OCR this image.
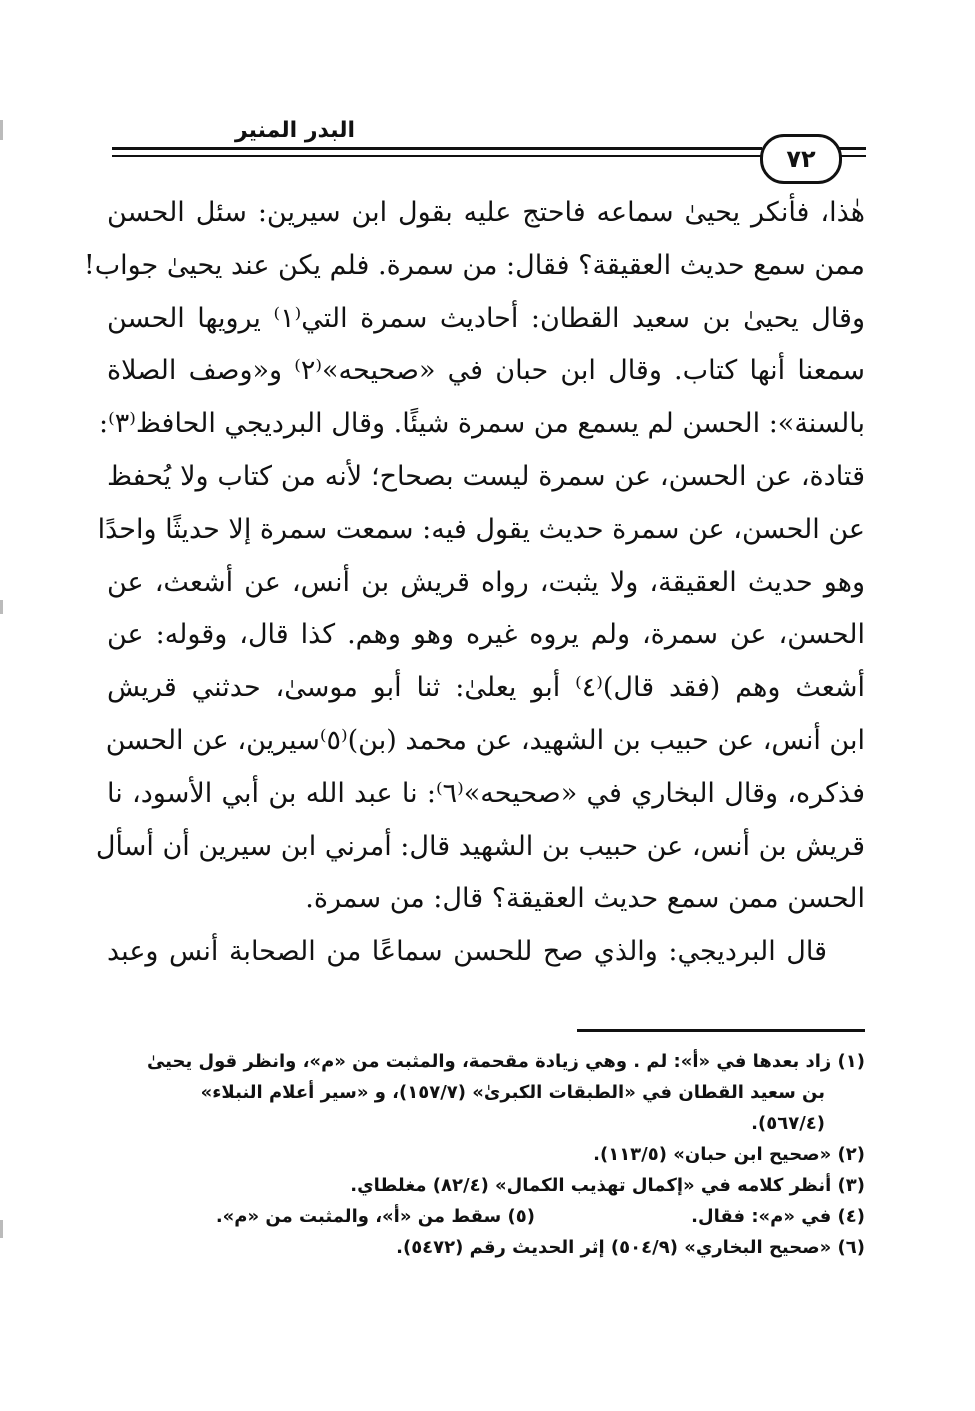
البدر المنير
٧٢
هٰذا، فأنكر يحيىٰ سماعه فاحتج عليه بقول ابن سيرين: سئل الحسن
ممن سمع حديث العقيقة؟ فقال: من سمرة. فلم يكن عند يحيىٰ جواب!
وقال يحيىٰ بن سعيد القطان: أحاديث سمرة التي⁽١⁾ يرويها الحسن
سمعنا أنها كتاب. وقال ابن حبان في «صحيحه»⁽٢⁾ و«وصف الصلاة
بالسنة»: الحسن لم يسمع من سمرة شيئًا. وقال البرديجي الحافظ⁽٣⁾:
قتادة، عن الحسن، عن سمرة ليست بصحاح؛ لأنه من كتاب ولا يُحفظ
عن الحسن، عن سمرة حديث يقول فيه: سمعت سمرة إلا حديثًا واحدًا
وهو حديث العقيقة، ولا يثبت، رواه قريش بن أنس، عن أشعث، عن
الحسن، عن سمرة، ولم يروه غيره وهو وهم. كذا قال، وقوله: عن
أشعث وهم (فقد قال)⁽٤⁾ أبو يعلىٰ: ثنا أبو موسىٰ، حدثني قريش
ابن أنس، عن حبيب بن الشهيد، عن محمد (بن)⁽٥⁾سيرين، عن الحسن
فذكره، وقال البخاري في «صحيحه»⁽٦⁾: نا عبد الله بن أبي الأسود، نا
قريش بن أنس، عن حبيب بن الشهيد قال: أمرني ابن سيرين أن أسأل
الحسن ممن سمع حديث العقيقة؟ قال: من سمرة.
قال البرديجي: والذي صح للحسن سماعًا من الصحابة أنس وعبد
(١) زاد بعدها في «أ»: لم . وهي زيادة مقحمة، والمثبت من «م»، وانظر قول يحيىٰ
بن سعيد القطان في «الطبقات الكبرىٰ» (١٥٧/٧)، و «سير أعلام النبلاء»
(٥٦٧/٤).
(٢) «صحيح ابن حبان» (١١٣/٥).
(٣) أنظر كلامه في «إكمال تهذيب الكمال» (٨٢/٤) مغلطاي.
(٤) في «م»: فقال.
(٥) سقط من «أ»، والمثبت من «م».
(٦) «صحيح البخاري» (٥٠٤/٩) إثر الحديث رقم (٥٤٧٢).
